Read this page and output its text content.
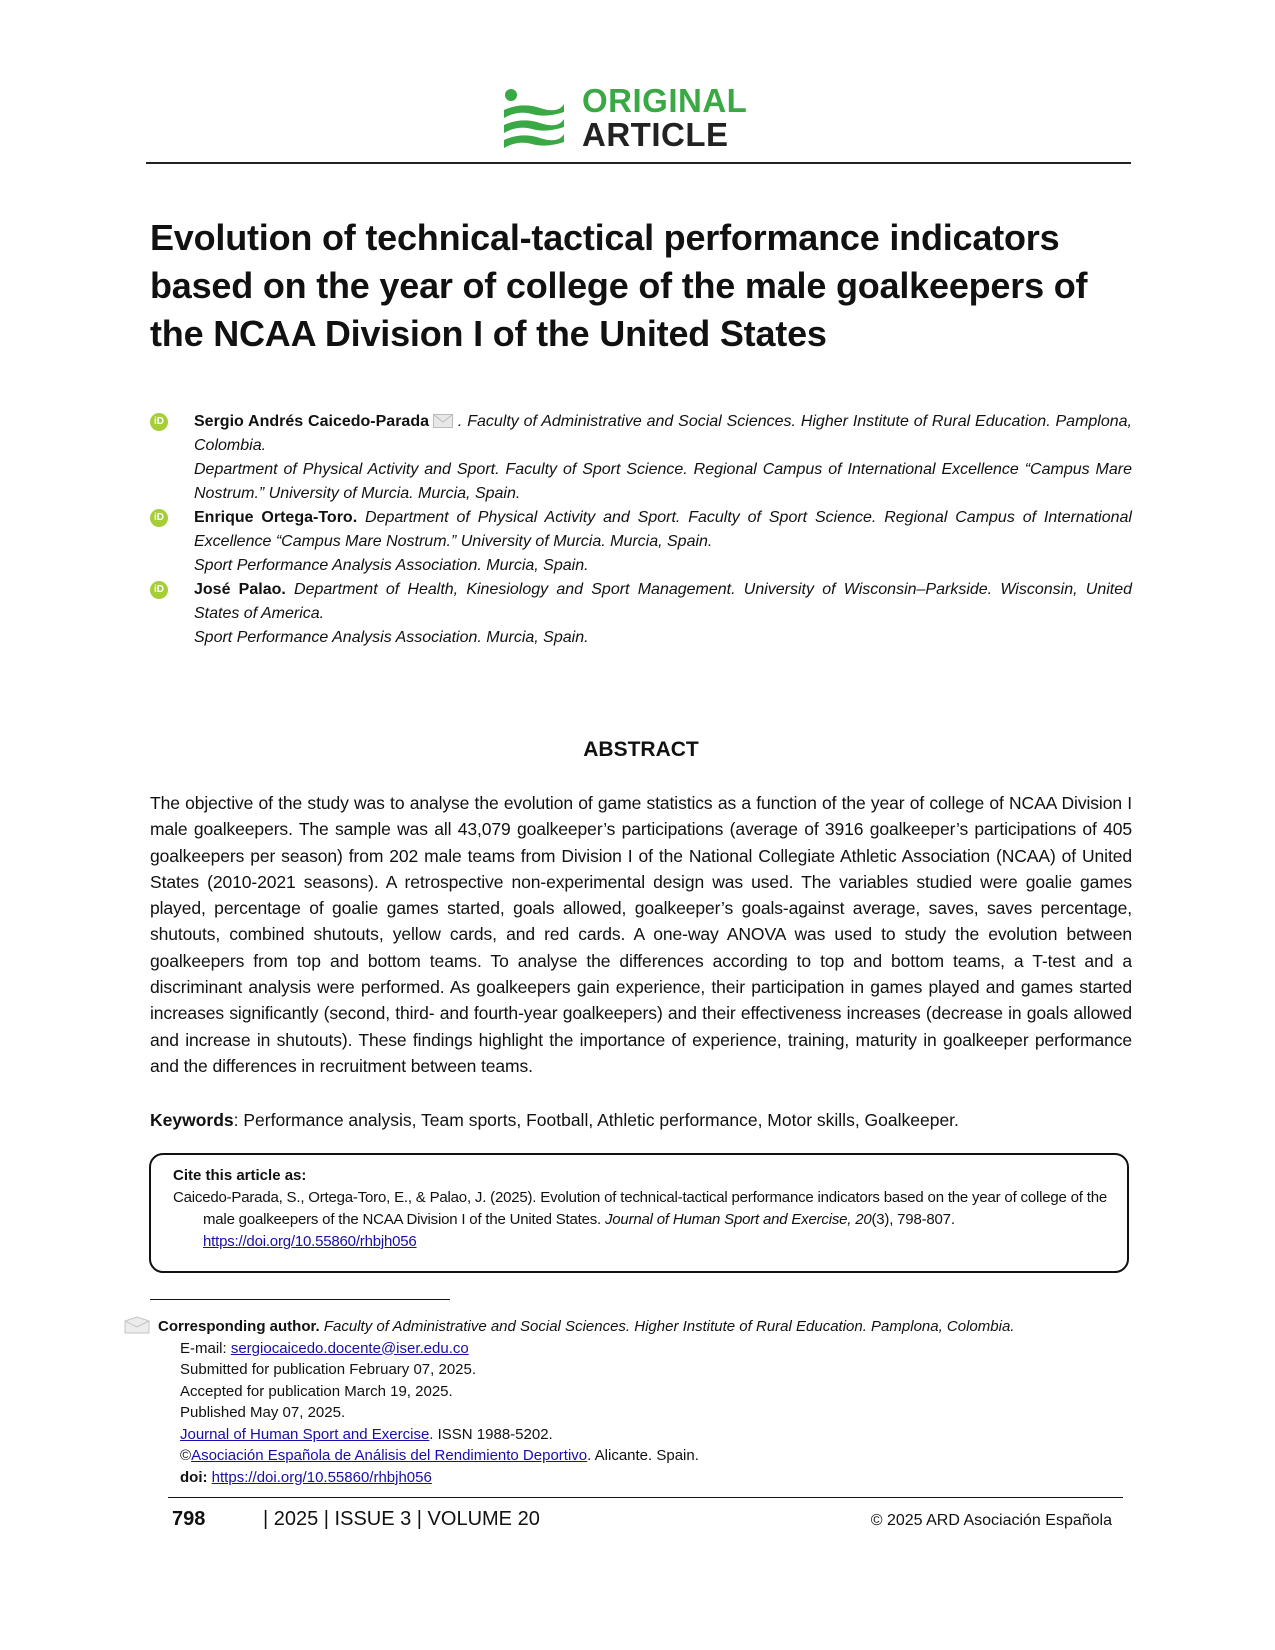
ORIGINAL
ARTICLE
Evolution of technical-tactical performance indicators based on the year of college of the male goalkeepers of the NCAA Division I of the United States
iD Sergio Andrés Caicedo-Parada . Faculty of Administrative and Social Sciences. Higher Institute of Rural Education. Pamplona, Colombia.

Department of Physical Activity and Sport. Faculty of Sport Science. Regional Campus of International Excellence “Campus Mare Nostrum.” University of Murcia. Murcia, Spain.

iD Enrique Ortega-Toro. Department of Physical Activity and Sport. Faculty of Sport Science. Regional Campus of International Excellence “Campus Mare Nostrum.” University of Murcia. Murcia, Spain.

Sport Performance Analysis Association. Murcia, Spain.

iD José Palao. Department of Health, Kinesiology and Sport Management. University of Wisconsin–Parkside. Wisconsin, United States of America.

Sport Performance Analysis Association. Murcia, Spain.

ABSTRACT

The objective of the study was to analyse the evolution of game statistics as a function of the year of college of NCAA Division I male goalkeepers. The sample was all 43,079 goalkeeper’s participations (average of 3916 goalkeeper’s participations of 405 goalkeepers per season) from 202 male teams from Division I of the National Collegiate Athletic Association (NCAA) of United States (2010-2021 seasons). A retrospective non-experimental design was used. The variables studied were goalie games played, percentage of goalie games started, goals allowed, goalkeeper’s goals-against average, saves, saves percentage, shutouts, combined shutouts, yellow cards, and red cards. A one-way ANOVA was used to study the evolution between goalkeepers from top and bottom teams. To analyse the differences according to top and bottom teams, a T-test and a discriminant analysis were performed. As goalkeepers gain experience, their participation in games played and games started increases significantly (second, third- and fourth-year goalkeepers) and their effectiveness increases (decrease in goals allowed and increase in shutouts). These findings highlight the importance of experience, training, maturity in goalkeeper performance and the differences in recruitment between teams.

Keywords: Performance analysis, Team sports, Football, Athletic performance, Motor skills, Goalkeeper.
Cite this article as:
Caicedo-Parada, S., Ortega-Toro, E., & Palao, J. (2025). Evolution of technical-tactical performance indicators based on the year of college of the male goalkeepers of the NCAA Division I of the United States. Journal of Human Sport and Exercise, 20(3), 798-807.
https://doi.org/10.55860/rhbjh056
Corresponding author. Faculty of Administrative and Social Sciences. Higher Institute of Rural Education. Pamplona, Colombia.
E-mail: sergiocaicedo.docente@iser.edu.co
Submitted for publication February 07, 2025.
Accepted for publication March 19, 2025.
Published May 07, 2025.
Journal of Human Sport and Exercise. ISSN 1988-5202.
©Asociación Española de Análisis del Rendimiento Deportivo. Alicante. Spain.
doi: https://doi.org/10.55860/rhbjh056
798	| 2025 | ISSUE 3 | VOLUME 20	© 2025 ARD Asociación Española
